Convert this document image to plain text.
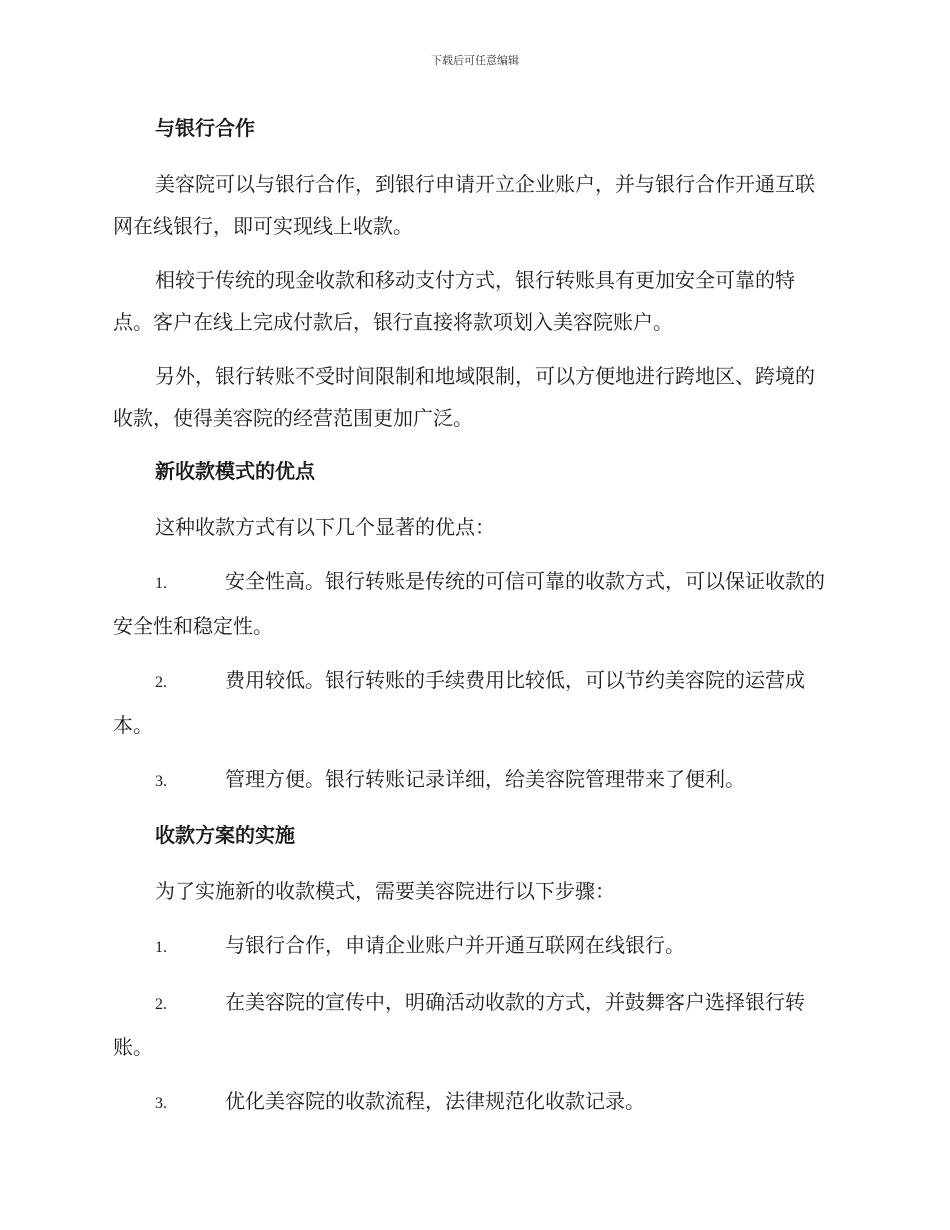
下载后可任意编辑
与银行合作

美容院可以与银行合作，到银行申请开立企业账户，并与银行合作开通互联网在线银行，即可实现线上收款。

相较于传统的现金收款和移动支付方式，银行转账具有更加安全可靠的特点。客户在线上完成付款后，银行直接将款项划入美容院账户。

另外，银行转账不受时间限制和地域限制，可以方便地进行跨地区、跨境的收款，使得美容院的经营范围更加广泛。

新收款模式的优点

这种收款方式有以下几个显著的优点：

1.	安全性高。银行转账是传统的可信可靠的收款方式，可以保证收款的安全性和稳定性。

2.	费用较低。银行转账的手续费用比较低，可以节约美容院的运营成本。

3.	管理方便。银行转账记录详细，给美容院管理带来了便利。

收款方案的实施

为了实施新的收款模式，需要美容院进行以下步骤：

1.	与银行合作，申请企业账户并开通互联网在线银行。

2.	在美容院的宣传中，明确活动收款的方式，并鼓舞客户选择银行转账。

3.	优化美容院的收款流程，法律规范化收款记录。
